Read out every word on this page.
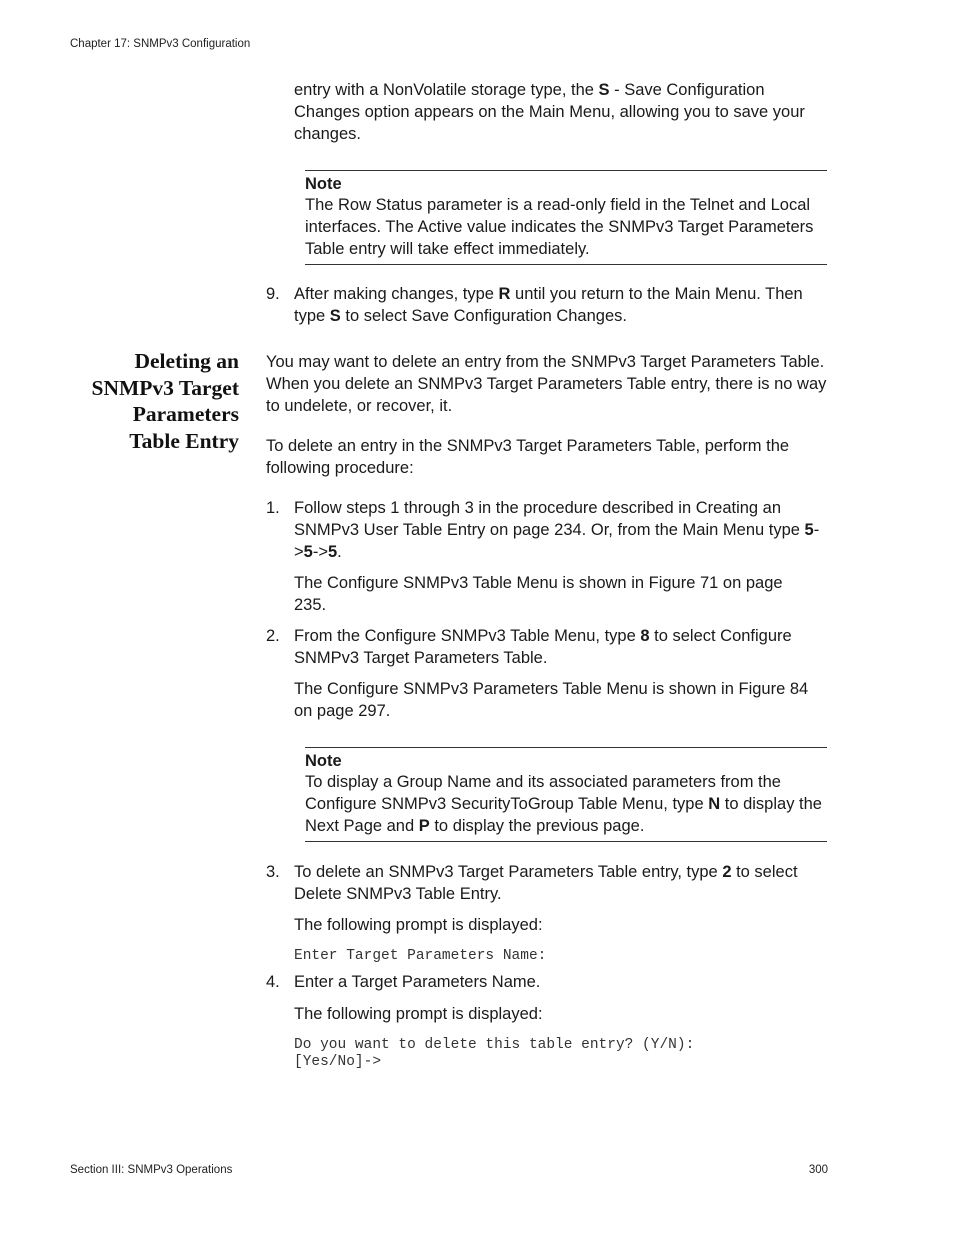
Chapter 17: SNMPv3 Configuration
entry with a NonVolatile storage type, the S - Save Configuration Changes option appears on the Main Menu, allowing you to save your changes.
Note
The Row Status parameter is a read-only field in the Telnet and Local interfaces. The Active value indicates the SNMPv3 Target Parameters Table entry will take effect immediately.
9. After making changes, type R until you return to the Main Menu. Then type S to select Save Configuration Changes.
Deleting an
SNMPv3 Target
Parameters
Table Entry
You may want to delete an entry from the SNMPv3 Target Parameters Table. When you delete an SNMPv3 Target Parameters Table entry, there is no way to undelete, or recover, it.
To delete an entry in the SNMPv3 Target Parameters Table, perform the following procedure:
1. Follow steps 1 through 3 in the procedure described in Creating an SNMPv3 User Table Entry on page 234. Or, from the Main Menu type 5->5->5.
The Configure SNMPv3 Table Menu is shown in Figure 71 on page 235.
2. From the Configure SNMPv3 Table Menu, type 8 to select Configure SNMPv3 Target Parameters Table.
The Configure SNMPv3 Parameters Table Menu is shown in Figure 84 on page 297.
Note
To display a Group Name and its associated parameters from the Configure SNMPv3 SecurityToGroup Table Menu, type N to display the Next Page and P to display the previous page.
3. To delete an SNMPv3 Target Parameters Table entry, type 2 to select Delete SNMPv3 Table Entry.
The following prompt is displayed:
Enter Target Parameters Name:
4. Enter a Target Parameters Name.
The following prompt is displayed:
Do you want to delete this table entry? (Y/N):
[Yes/No]->
Section III: SNMPv3 Operations	300
